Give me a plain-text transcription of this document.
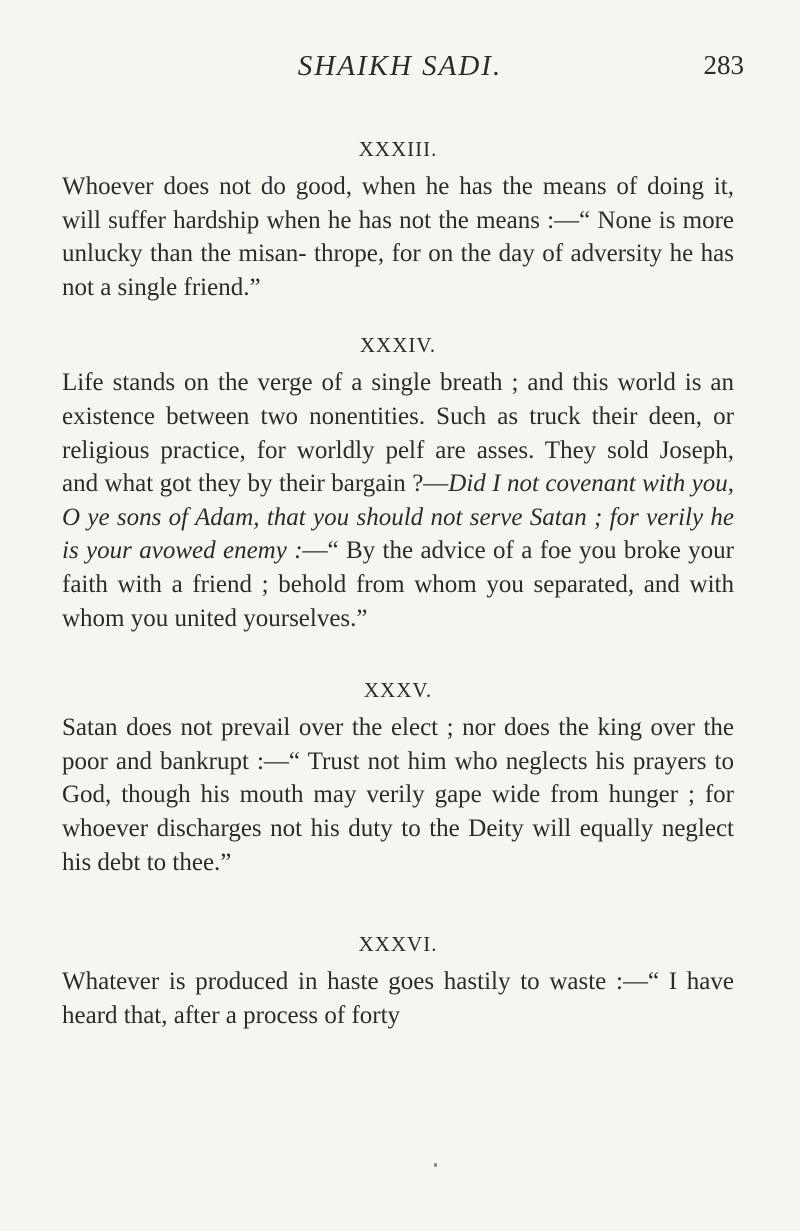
SHAIKH SADI.	283

XXXIII.

Whoever does not do good, when he has the means of doing it, will suffer hardship when he has not the means :—“ None is more unlucky than the misan- thrope, for on the day of adversity he has not a single friend.”

XXXIV.

Life stands on the verge of a single breath ; and this world is an existence between two nonentities. Such as truck their deen, or religious practice, for worldly pelf are asses. They sold Joseph, and what got they by their bargain ?—Did I not covenant with you, O ye sons of Adam, that you should not serve Satan ; for verily he is your avowed enemy :—“ By the advice of a foe you broke your faith with a friend ; behold from whom you separated, and with whom you united yourselves.”

XXXV.

Satan does not prevail over the elect ; nor does the king over the poor and bankrupt :—“ Trust not him who neglects his prayers to God, though his mouth may verily gape wide from hunger ; for whoever discharges not his duty to the Deity will equally neglect his debt to thee.”

XXXVI.

Whatever is produced in haste goes hastily to waste :—“ I have heard that, after a process of forty
